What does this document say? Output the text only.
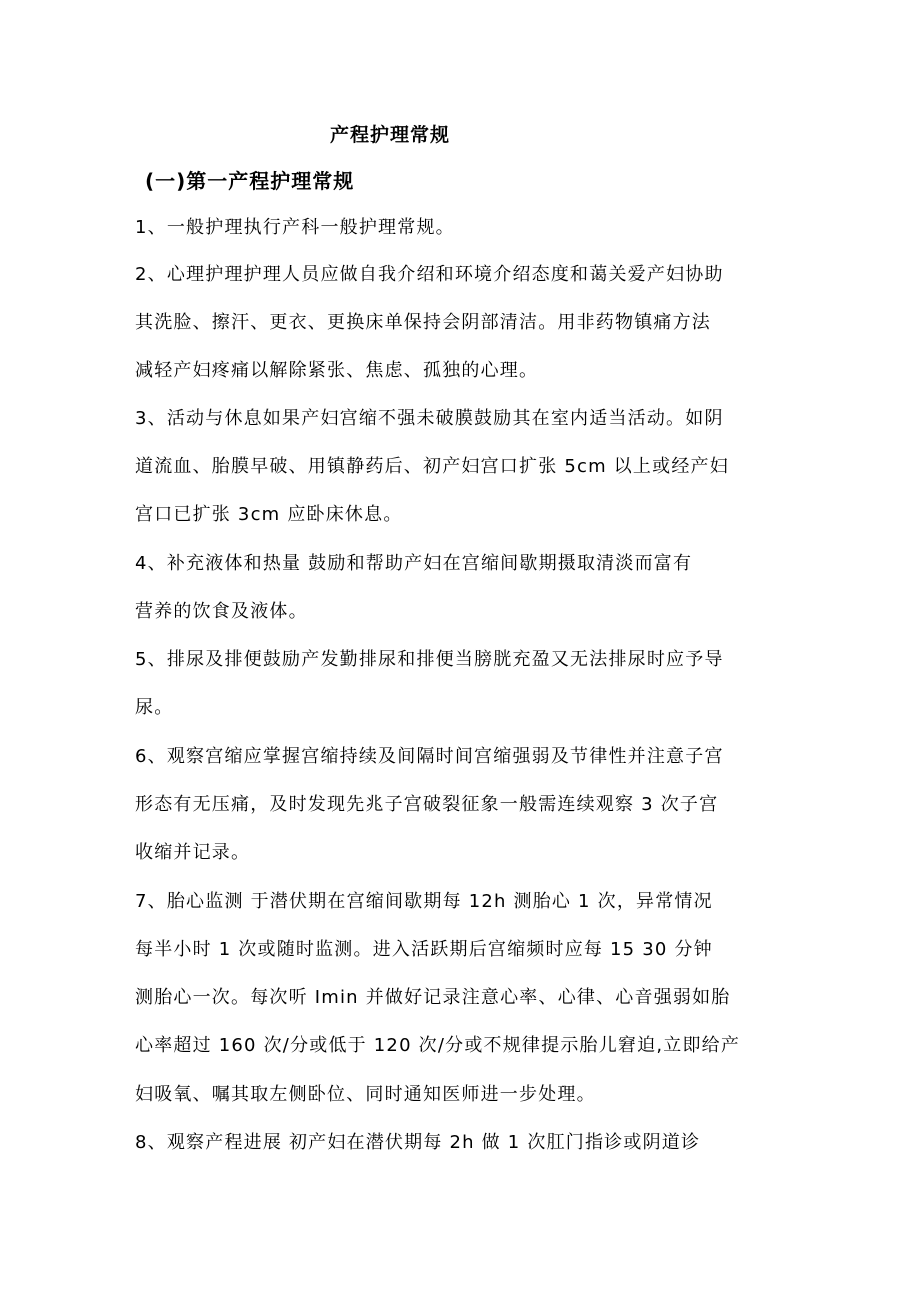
产程护理常规
(一)第一产程护理常规
1、一般护理执行产科一般护理常规。
2、心理护理护理人员应做自我介绍和环境介绍态度和蔼关爱产妇协助
其洗脸、擦汗、更衣、更换床单保持会阴部清洁。用非药物镇痛方法
减轻产妇疼痛以解除紧张、焦虑、孤独的心理。
3、活动与休息如果产妇宫缩不强未破膜鼓励其在室内适当活动。如阴
道流血、胎膜早破、用镇静药后、初产妇宫口扩张 5cm 以上或经产妇
宫口已扩张 3cm 应卧床休息。
4、补充液体和热量 鼓励和帮助产妇在宫缩间歇期摄取清淡而富有
营养的饮食及液体。
5、排尿及排便鼓励产发勤排尿和排便当膀胱充盈又无法排尿时应予导
尿。
6、观察宫缩应掌握宫缩持续及间隔时间宫缩强弱及节律性并注意子宫
形态有无压痛，及时发现先兆子宫破裂征象一般需连续观察 3 次子宫
收缩并记录。
7、胎心监测 于潜伏期在宫缩间歇期每 12h 测胎心 1 次，异常情况
每半小时 1 次或随时监测。进入活跃期后宫缩频时应每 15 30 分钟
测胎心一次。每次听 Imin 并做好记录注意心率、心律、心音强弱如胎
心率超过 160 次/分或低于 120 次/分或不规律提示胎儿窘迫,立即给产
妇吸氧、嘱其取左侧卧位、同时通知医师进一步处理。
8、观察产程进展 初产妇在潜伏期每 2h 做 1 次肛门指诊或阴道诊
